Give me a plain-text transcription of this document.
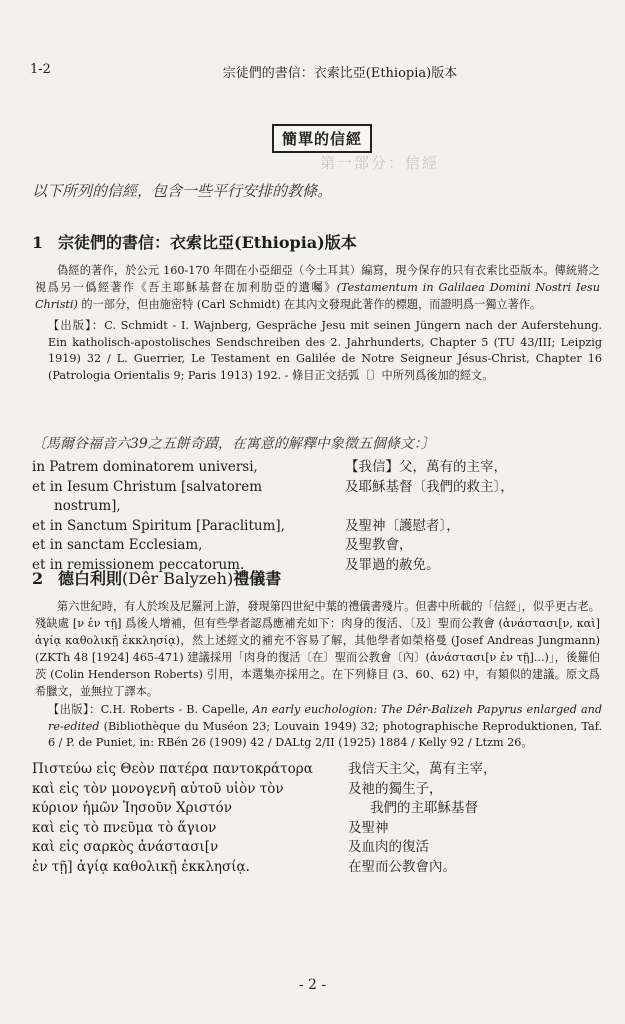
1-2	宗徒們的書信：衣索比亞(Ethiopia)版本
第一部分：信經
簡單的信經
以下所列的信經，包含一些平行安排的教條。
1 宗徒們的書信：衣索比亞(Ethiopia)版本
偽經的著作，於公元 160-170 年間在小亞細亞（今土耳其）編寫，現今保存的只有衣索比亞版本。傳統將之視爲另一僞經著作《吾主耶穌基督在加利肋亞的遺囑》(Testamentum in Galilaea Domini Nostri Iesu Christi) 的一部分，但由施密特 (Carl Schmidt) 在其內文發現此著作的標題，而證明爲一獨立著作。
【出版】：C. Schmidt - I. Wajnberg, Gespräche Jesu mit seinen Jüngern nach der Auferstehung. Ein katholisch-apostolisches Sendschreiben des 2. Jahrhunderts, Chapter 5 (TU 43/III; Leipzig 1919) 32 / L. Guerrier, Le Testament en Galilée de Notre Seigneur Jésus-Christ, Chapter 16 (Patrologia Orientalis 9; Paris 1913) 192. - 條目正文括弧〔〕中所列爲後加的經文。
〔馬爾谷福音六39之五餅奇蹟，在寓意的解釋中象徵五個條文：〕
in Patrem dominatorem universi,
et in Iesum Christum [salvatorem
nostrum],
et in Sanctum Spiritum [Paraclitum],
et in sanctam Ecclesiam,
et in remissionem peccatorum.
【我信】父，萬有的主宰，
及耶穌基督〔我們的救主〕，

及聖神〔護慰者〕，
及聖教會，
及罪過的赦免。
2 德白利則(Dêr Balyzeh)禮儀書
第六世紀時，有人於埃及尼羅河上游，發現第四世紀中葉的禮儀書殘片。但書中所載的「信經」，似乎更古老。殘缺處 [ν ἐν τῇ] 爲後人增補，但有些學者認爲應補充如下：肉身的復活、〔及〕聖而公教會 (ἀνάστασι[ν, καὶ] ἁγίᾳ καθολικῇ ἐκκλησίᾳ)，然上述經文的補充不容易了解，其他學者如榮格曼 (Josef Andreas Jungmann) (ZKTh 48 [1924] 465-471) 建議採用「肉身的復活〔在〕聖而公教會〔內〕(ἀνάστασι[ν ἐν τῇ]...)」，後羅伯茨 (Colin Henderson Roberts) 引用，本選集亦採用之。在下列條目 (3、60、62) 中，有類似的建議。原文爲希臘文，並無拉丁譯本。
【出版】：C.H. Roberts - B. Capelle, An early euchologion: The Dêr-Balizeh Papyrus enlarged and re-edited (Bibliothèque du Muséon 23; Louvain 1949) 32; photographische Reproduktionen, Taf. 6 / P. de Puniet, in: RBén 26 (1909) 42 / DALtg 2/II (1925) 1884 / Kelly 92 / Ltzm 26。
Πιστεύω εἰς Θεὸν πατέρα παντοκράτορα
καὶ εἰς τὸν μονογενῆ αὐτοῦ υἱὸν τὸν
κύριον ἡμῶν Ἰησοῦν Χριστόν
καὶ εἰς τὸ πνεῦμα τὸ ἅγιον
καὶ εἰς σαρκὸς ἀνάστασι[ν
ἐν τῇ] ἁγίᾳ καθολικῇ ἐκκλησίᾳ.
我信天主父，萬有主宰，
及祂的獨生子，
我們的主耶穌基督
及聖神
及血肉的復活
在聖而公教會內。
- 2 -
